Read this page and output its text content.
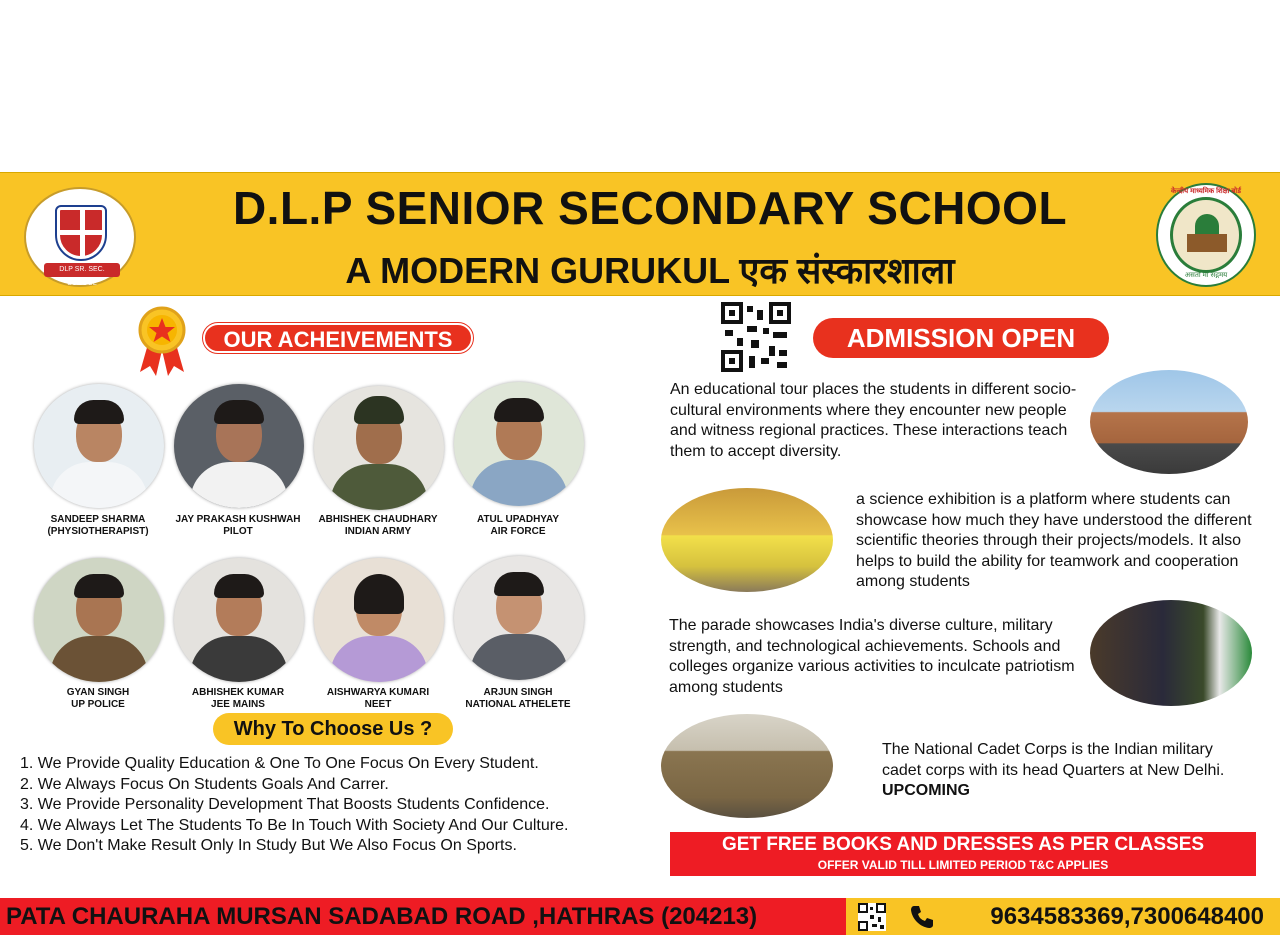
DLP SR. SEC. SCHOOL
D.L.P SENIOR SECONDARY SCHOOL
A MODERN GURUKUL एक संस्कारशाला
केन्द्रीय माध्यमिक शिक्षा बोर्ड
असतो मा सद्गमय
OUR ACHEIVEMENTS
SANDEEP SHARMA
(PHYSIOTHERAPIST)
JAY PRAKASH KUSHWAH
PILOT
ABHISHEK CHAUDHARY
INDIAN ARMY
ATUL UPADHYAY
AIR FORCE
GYAN SINGH
UP POLICE
ABHISHEK KUMAR
JEE MAINS
AISHWARYA KUMARI
NEET
ARJUN SINGH
NATIONAL ATHELETE
Why To Choose Us ?
1. We Provide Quality Education & One To One Focus On Every Student.
2. We Always Focus On Students Goals And Carrer.
3. We Provide Personality Development That Boosts Students Confidence.
4. We Always Let The Students To Be In Touch With Society And Our Culture.
5. We Don't Make Result Only In Study But We Also Focus On Sports.
ADMISSION OPEN
An educational tour places the students in different socio-cultural environments where they encounter new people and witness regional practices. These interactions teach them to accept diversity.
a science exhibition is a platform where students can showcase how much they have understood the different scientific theories through their projects/models. It also helps to build the ability for teamwork and cooperation among students
The parade showcases India's diverse culture, military strength, and technological achievements. Schools and colleges organize various activities to inculcate patriotism among students
The National Cadet Corps is the Indian military cadet corps with its head Quarters at New Delhi. UPCOMING
GET FREE BOOKS AND DRESSES AS PER CLASSES
OFFER VALID TILL LIMITED PERIOD T&C APPLIES
PATA CHAURAHA MURSAN SADABAD ROAD ,HATHRAS (204213)	9634583369,7300648400
